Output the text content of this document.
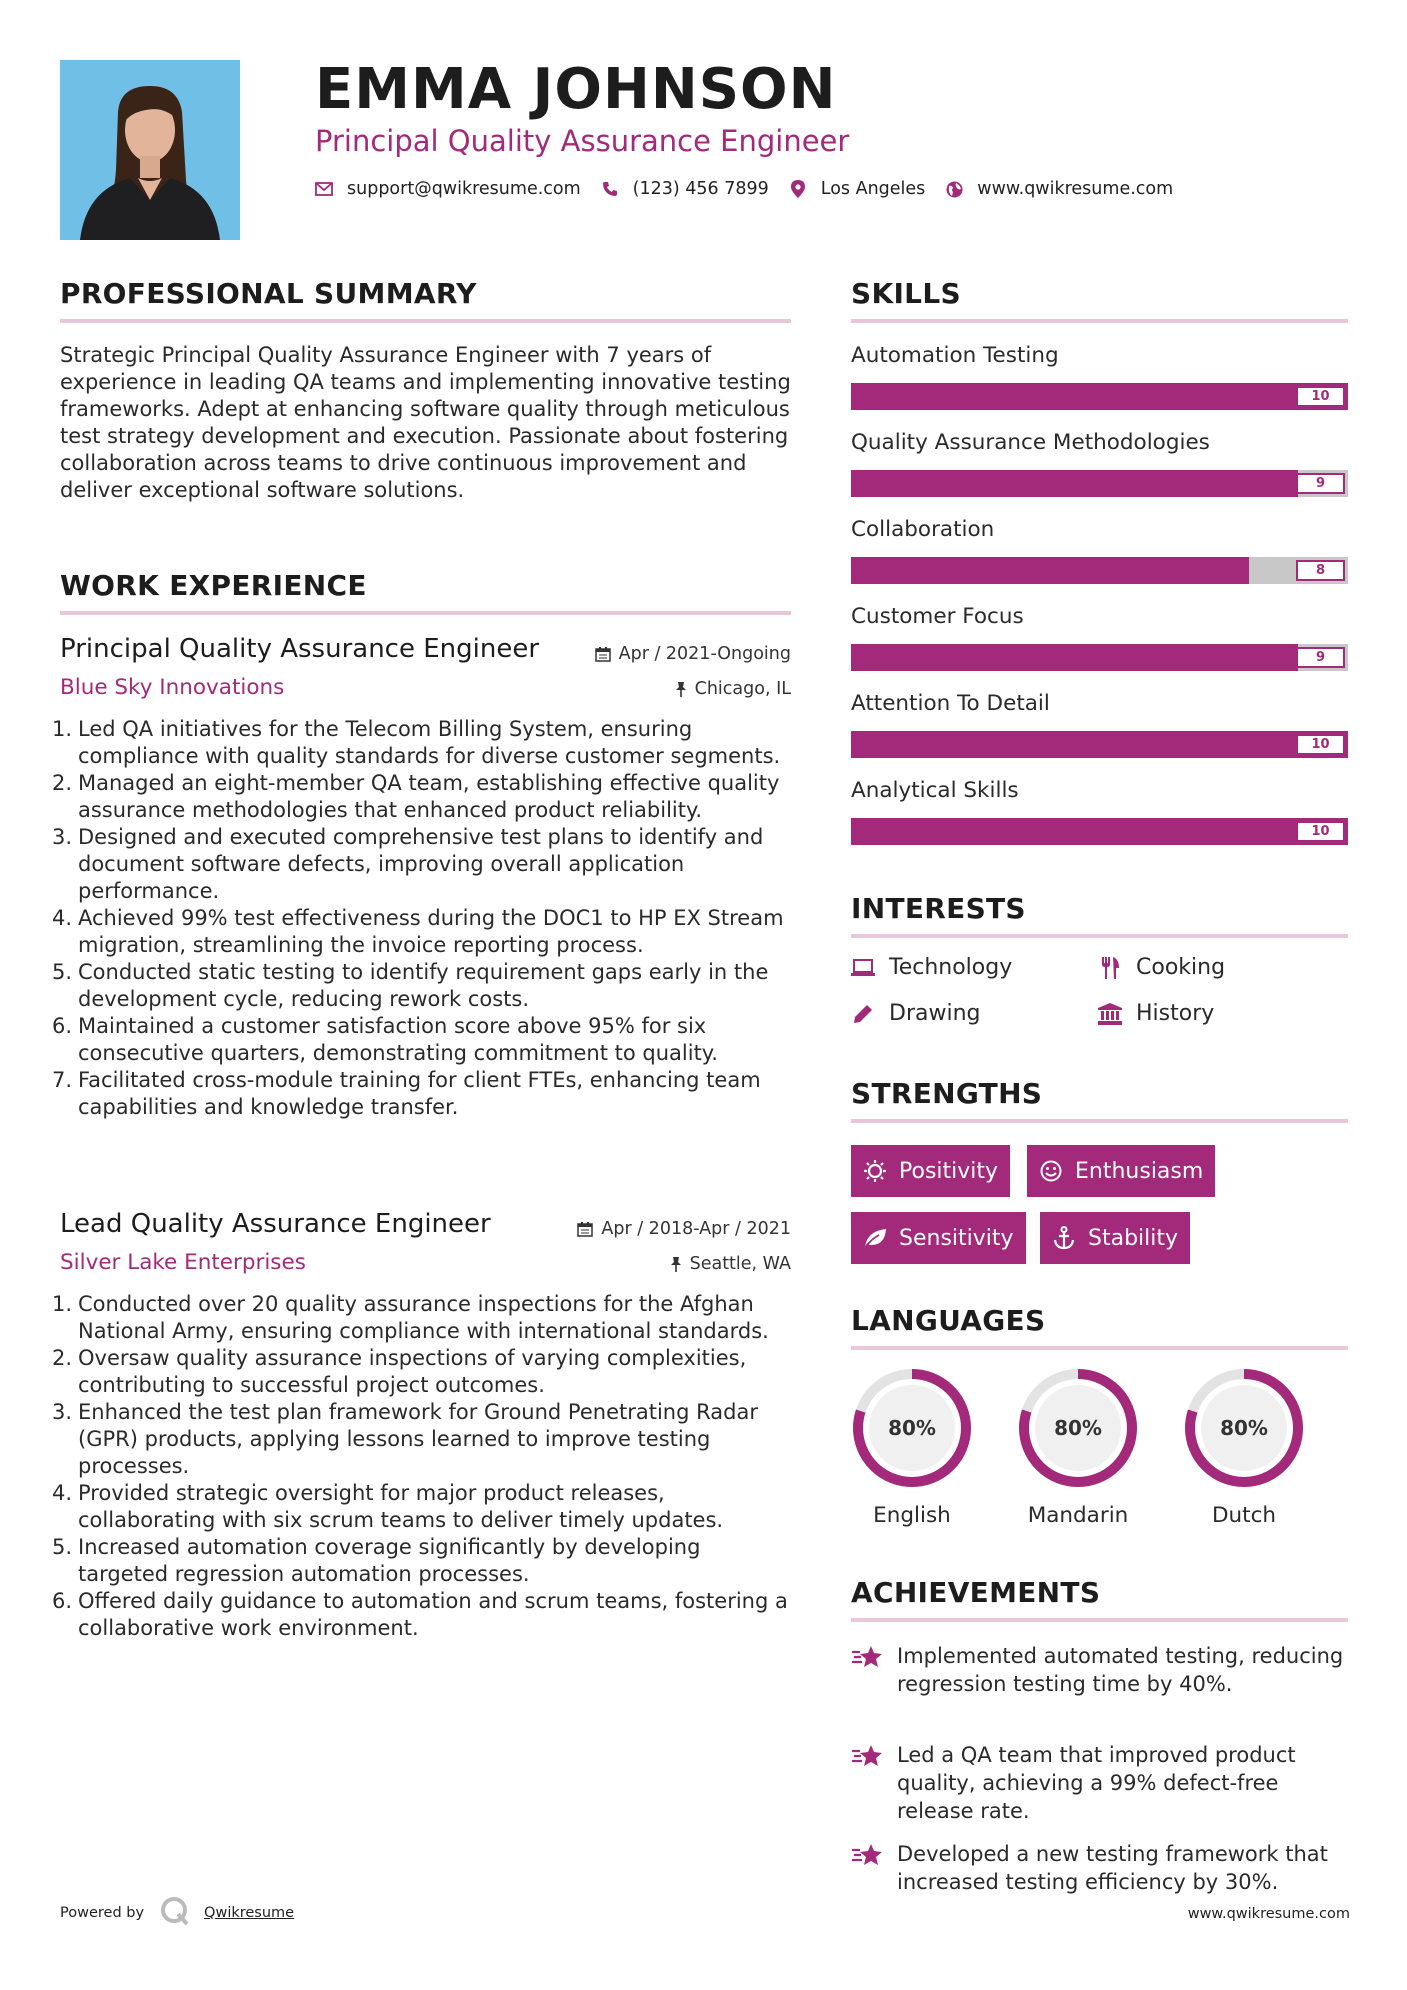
EMMA JOHNSON
Principal Quality Assurance Engineer
support@qwikresume.com	(123) 456 7899	Los Angeles	www.qwikresume.com
PROFESSIONAL SUMMARY
Strategic Principal Quality Assurance Engineer with 7 years of experience in leading QA teams and implementing innovative testing frameworks. Adept at enhancing software quality through meticulous test strategy development and execution. Passionate about fostering collaboration across teams to drive continuous improvement and deliver exceptional software solutions.
WORK EXPERIENCE
Principal Quality Assurance Engineer	Apr / 2021-Ongoing
Blue Sky Innovations	Chicago, IL
1. Led QA initiatives for the Telecom Billing System, ensuring compliance with quality standards for diverse customer segments.
2. Managed an eight-member QA team, establishing effective quality assurance methodologies that enhanced product reliability.
3. Designed and executed comprehensive test plans to identify and document software defects, improving overall application performance.
4. Achieved 99% test effectiveness during the DOC1 to HP EX Stream migration, streamlining the invoice reporting process.
5. Conducted static testing to identify requirement gaps early in the development cycle, reducing rework costs.
6. Maintained a customer satisfaction score above 95% for six consecutive quarters, demonstrating commitment to quality.
7. Facilitated cross-module training for client FTEs, enhancing team capabilities and knowledge transfer.
Lead Quality Assurance Engineer	Apr / 2018-Apr / 2021
Silver Lake Enterprises	Seattle, WA
1. Conducted over 20 quality assurance inspections for the Afghan National Army, ensuring compliance with international standards.
2. Oversaw quality assurance inspections of varying complexities, contributing to successful project outcomes.
3. Enhanced the test plan framework for Ground Penetrating Radar (GPR) products, applying lessons learned to improve testing processes.
4. Provided strategic oversight for major product releases, collaborating with six scrum teams to deliver timely updates.
5. Increased automation coverage significantly by developing targeted regression automation processes.
6. Offered daily guidance to automation and scrum teams, fostering a collaborative work environment.
SKILLS
Automation Testing
10
Quality Assurance Methodologies
9
Collaboration
8
Customer Focus
9
Attention To Detail
10
Analytical Skills
10
INTERESTS
Technology	Cooking
Drawing	History
STRENGTHS
Positivity	Enthusiasm
Sensitivity	Stability
LANGUAGES
80%
English
80%
Mandarin
80%
Dutch
ACHIEVEMENTS
Implemented automated testing, reducing regression testing time by 40%.
Led a QA team that improved product quality, achieving a 99% defect-free release rate.
Developed a new testing framework that increased testing efficiency by 30%.
Powered by	Qwikresume	www.qwikresume.com
